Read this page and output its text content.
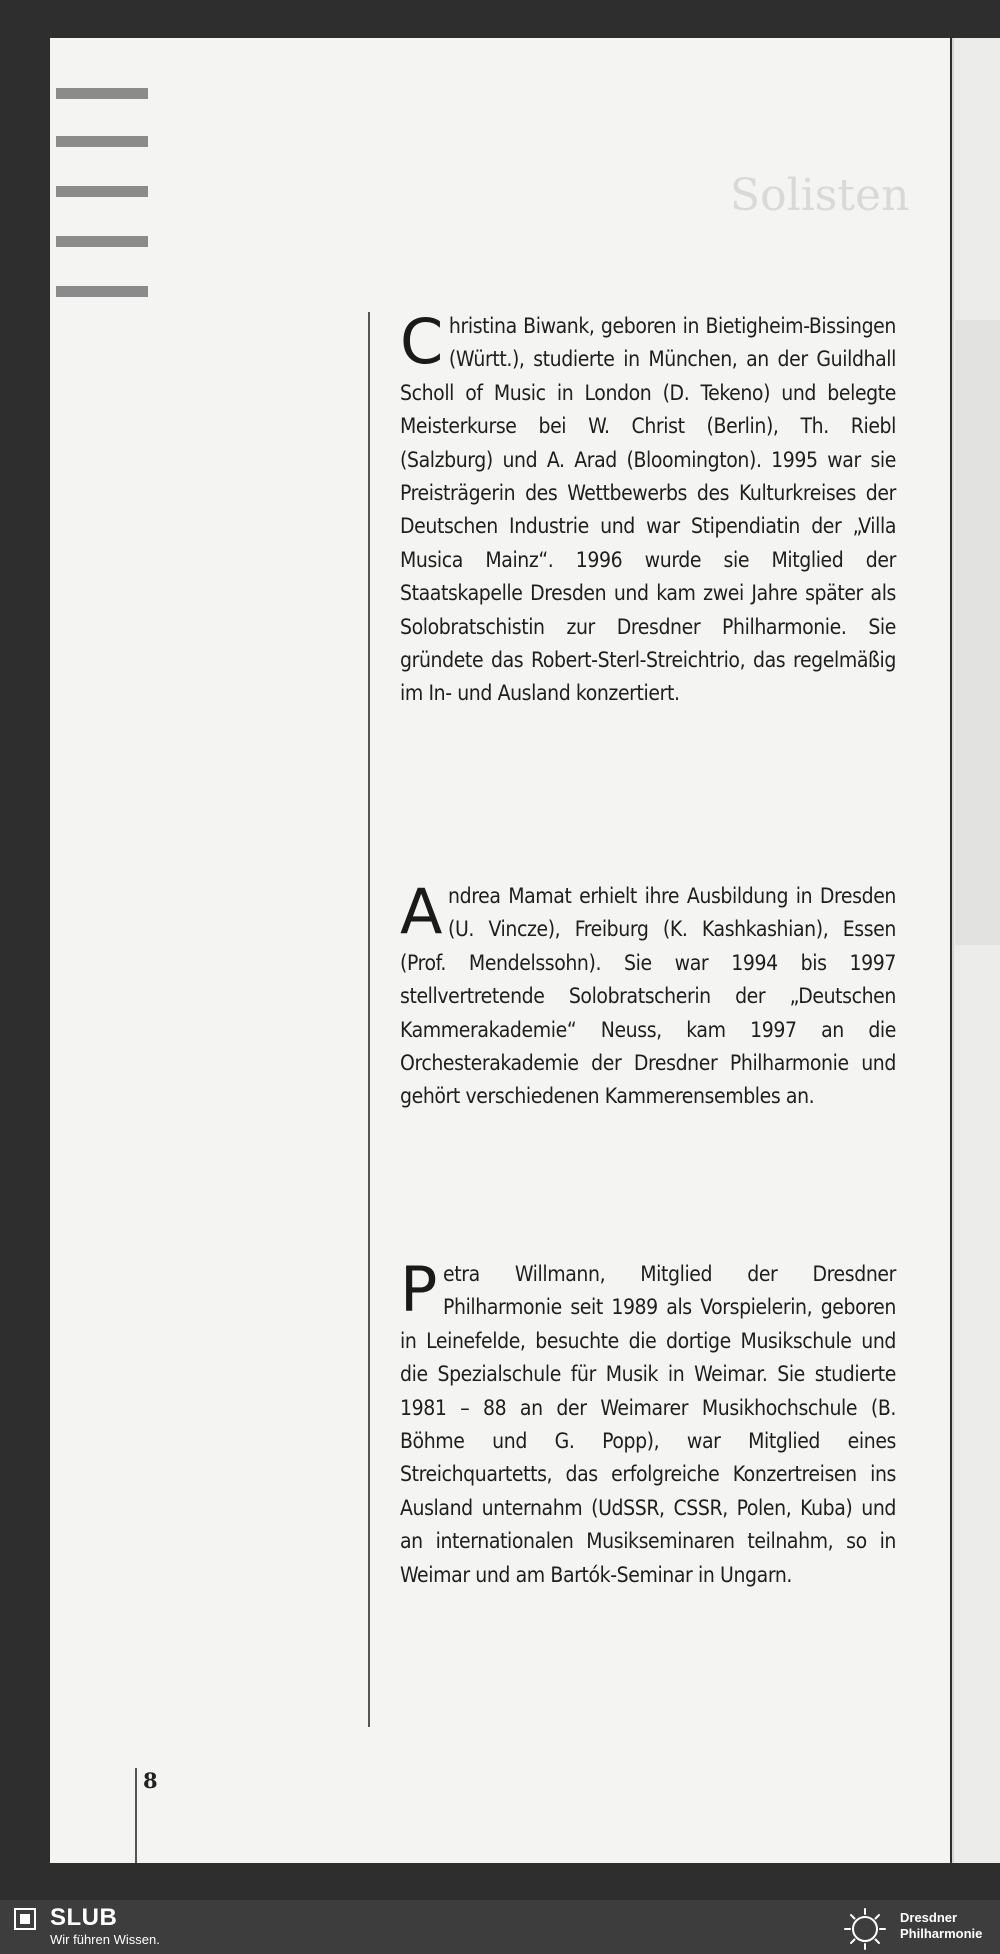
Solisten
C hristina Biwank, geboren in Bietigheim-Bissingen (Württ.), studierte in München, an der Guildhall Scholl of Music in London (D. Tekeno) und belegte Meisterkurse bei W. Christ (Berlin), Th. Riebl (Salzburg) und A. Arad (Bloomington). 1995 war sie Preisträgerin des Wettbewerbs des Kulturkreises der Deutschen Industrie und war Stipendiatin der „Villa Musica Mainz“. 1996 wurde sie Mitglied der Staatskapelle Dresden und kam zwei Jahre später als Solobratschistin zur Dresdner Philharmonie. Sie gründete das Robert-Sterl-Streichtrio, das regelmäßig im In- und Ausland konzertiert.
A ndrea Mamat erhielt ihre Ausbildung in Dresden (U. Vincze), Freiburg (K. Kashkashian), Essen (Prof. Mendelssohn). Sie war 1994 bis 1997 stellvertretende Solobratscherin der „Deutschen Kammerakademie“ Neuss, kam 1997 an die Orchesterakademie der Dresdner Philharmonie und gehört verschiedenen Kammerensembles an.
P etra Willmann, Mitglied der Dresdner Philharmonie seit 1989 als Vorspielerin, geboren in Leinefelde, besuchte die dortige Musikschule und die Spezialschule für Musik in Weimar. Sie studierte 1981 – 88 an der Weimarer Musikhochschule (B. Böhme und G. Popp), war Mitglied eines Streichquartetts, das erfolgreiche Konzertreisen ins Ausland unternahm (UdSSR, CSSR, Polen, Kuba) und an internationalen Musikseminaren teilnahm, so in Weimar und am Bartók-Seminar in Ungarn.
8
SLUB
Wir führen Wissen.
Dresdner
Philharmonie
